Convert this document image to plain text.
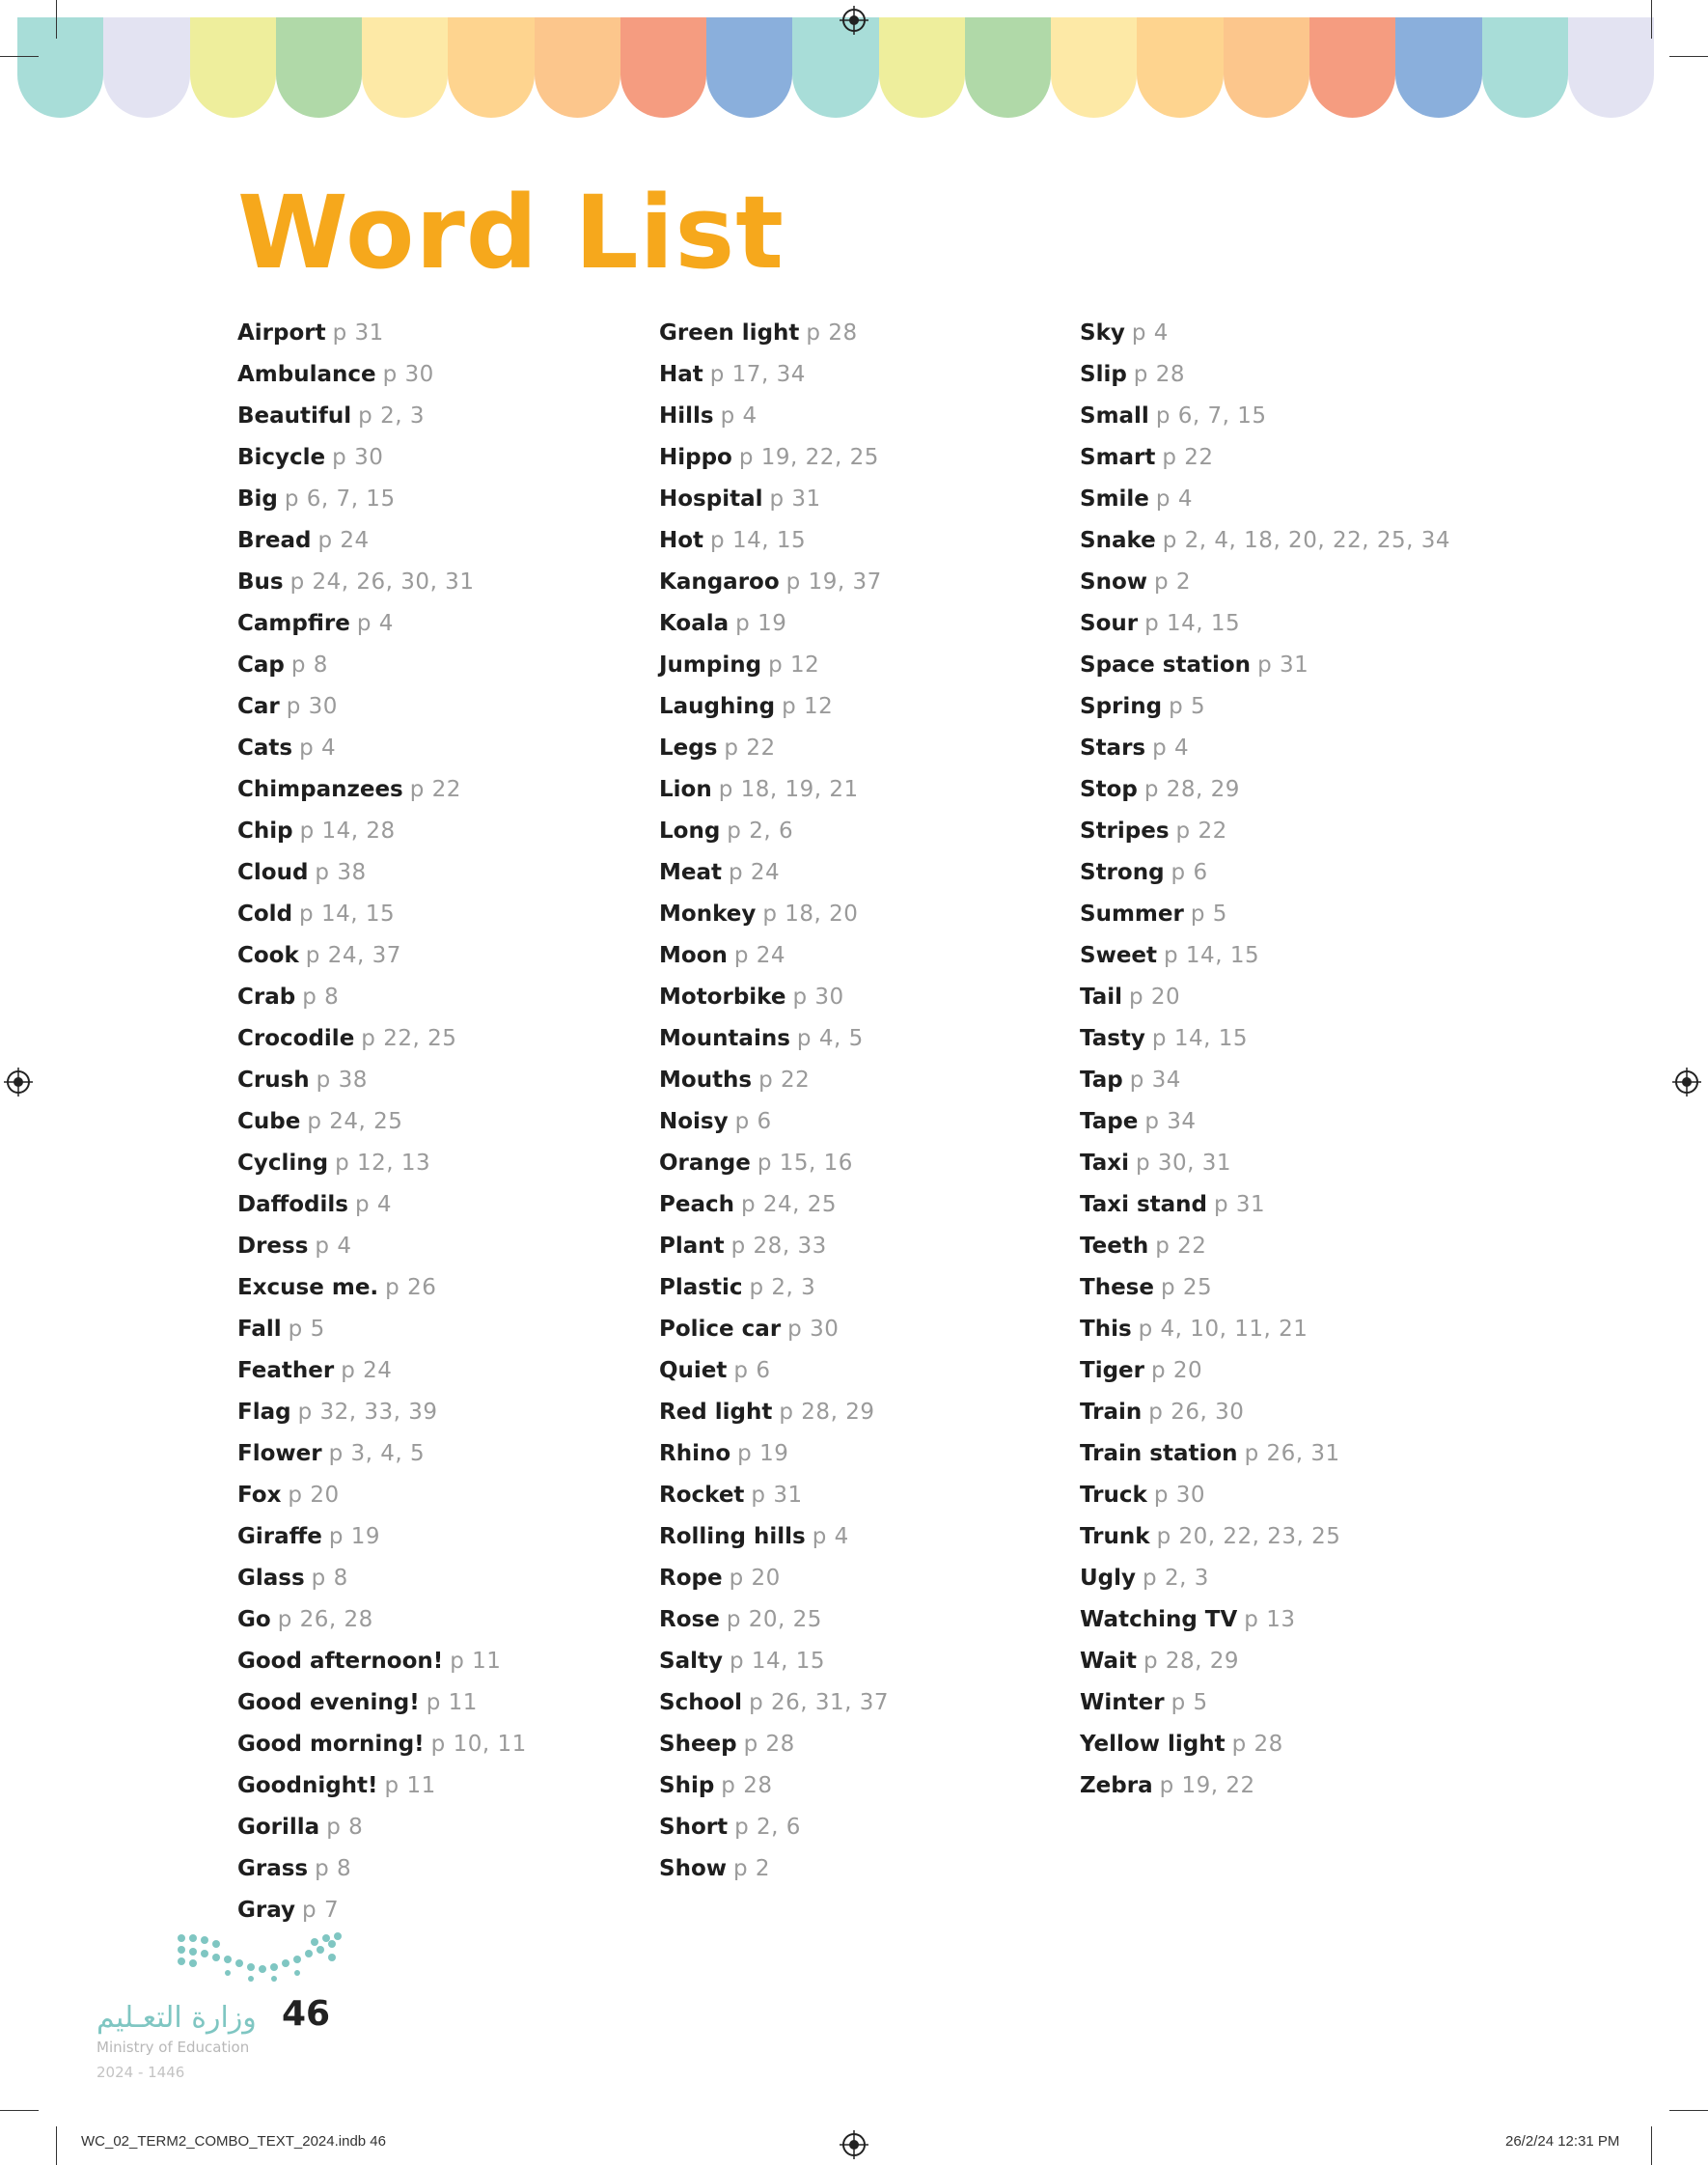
Word List
Airport p 31
Ambulance p 30
Beautiful p 2, 3
Bicycle p 30
Big p 6, 7, 15
Bread p 24
Bus p 24, 26, 30, 31
Campfire p 4
Cap p 8
Car p 30
Cats p 4
Chimpanzees p 22
Chip p 14, 28
Cloud p 38
Cold p 14, 15
Cook p 24, 37
Crab p 8
Crocodile p 22, 25
Crush p 38
Cube p 24, 25
Cycling p 12, 13
Daffodils p 4
Dress p 4
Excuse me. p 26
Fall p 5
Feather p 24
Flag p 32, 33, 39
Flower p 3, 4, 5
Fox p 20
Giraffe p 19
Glass p 8
Go p 26, 28
Good afternoon! p 11
Good evening! p 11
Good morning! p 10, 11
Goodnight! p 11
Gorilla p 8
Grass p 8
Gray p 7
Green light p 28
Hat p 17, 34
Hills p 4
Hippo p 19, 22, 25
Hospital p 31
Hot p 14, 15
Kangaroo p 19, 37
Koala p 19
Jumping p 12
Laughing p 12
Legs p 22
Lion p 18, 19, 21
Long p 2, 6
Meat p 24
Monkey p 18, 20
Moon p 24
Motorbike p 30
Mountains p 4, 5
Mouths p 22
Noisy p 6
Orange p 15, 16
Peach p 24, 25
Plant p 28, 33
Plastic p 2, 3
Police car p 30
Quiet p 6
Red light p 28, 29
Rhino p 19
Rocket p 31
Rolling hills p 4
Rope p 20
Rose p 20, 25
Salty p 14, 15
School p 26, 31, 37
Sheep p 28
Ship p 28
Short p 2, 6
Show p 2
Sky p 4
Slip p 28
Small p 6, 7, 15
Smart p 22
Smile p 4
Snake p 2, 4, 18, 20, 22, 25, 34
Snow p 2
Sour p 14, 15
Space station p 31
Spring p 5
Stars p 4
Stop p 28, 29
Stripes p 22
Strong p 6
Summer p 5
Sweet p 14, 15
Tail p 20
Tasty p 14, 15
Tap p 34
Tape p 34
Taxi p 30, 31
Taxi stand p 31
Teeth p 22
These p 25
This p 4, 10, 11, 21
Tiger p 20
Train p 26, 30
Train station p 26, 31
Truck p 30
Trunk p 20, 22, 23, 25
Ugly p 2, 3
Watching TV p 13
Wait p 28, 29
Winter p 5
Yellow light p 28
Zebra p 19, 22
وزارة التعـليم
Ministry of Education
2024 - 1446
46
WC_02_TERM2_COMBO_TEXT_2024.indb 46	26/2/24 12:31 PM
